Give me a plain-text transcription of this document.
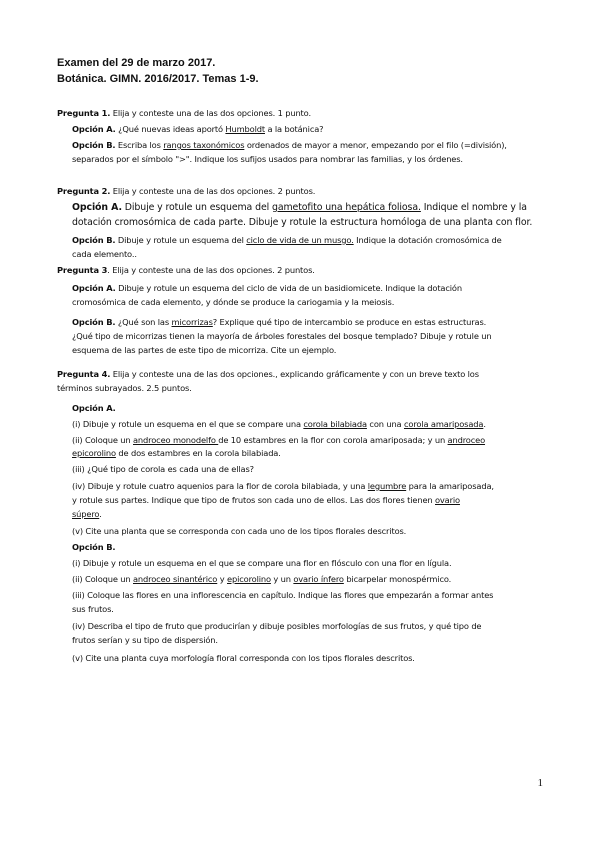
Examen del 29 de marzo 2017.
Botánica. GIMN. 2016/2017. Temas 1-9.
Pregunta 1. Elija y conteste una de las dos opciones. 1 punto.
Opción A. ¿Qué nuevas ideas aportó Humboldt a la botánica?
Opción B. Escriba los rangos taxonómicos ordenados de mayor a menor, empezando por el filo (=división),
separados por el símbolo ">". Indique los sufijos usados para nombrar las familias, y los órdenes.
Pregunta 2. Elija y conteste una de las dos opciones. 2 puntos.
Opción A. Dibuje y rotule un esquema del gametofito una hepática foliosa. Indique el nombre y la
dotación cromosómica de cada parte. Dibuje y rotule la estructura homóloga de una planta con flor.
Opción B. Dibuje y rotule un esquema del ciclo de vida de un musgo. Indique la dotación cromosómica de
cada elemento..
Pregunta 3. Elija y conteste una de las dos opciones. 2 puntos.
Opción A. Dibuje y rotule un esquema del ciclo de vida de un basidiomicete. Indique la dotación
cromosómica de cada elemento, y dónde se produce la cariogamia y la meiosis.
Opción B. ¿Qué son las micorrizas? Explique qué tipo de intercambio se produce en estas estructuras.
¿Qué tipo de micorrizas tienen la mayoría de árboles forestales del bosque templado? Dibuje y rotule un
esquema de las partes de este tipo de micorriza. Cite un ejemplo.
Pregunta 4. Elija y conteste una de las dos opciones., explicando gráficamente y con un breve texto los
términos subrayados. 2.5 puntos.
Opción A.
(i) Dibuje y rotule un esquema en el que se compare una corola bilabiada con una corola amariposada.
(ii) Coloque un androceo monodelfo de 10 estambres en la flor con corola amariposada; y un androceo
epicorolino de dos estambres en la corola bilabiada.
(iii) ¿Qué tipo de corola es cada una de ellas?
(iv) Dibuje y rotule cuatro aquenios para la flor de corola bilabiada, y una legumbre para la amariposada,
y rotule sus partes. Indique que tipo de frutos son cada uno de ellos. Las dos flores tienen ovario
súpero.
(v) Cite una planta que se corresponda con cada uno de los tipos florales descritos.
Opción B.
(i) Dibuje y rotule un esquema en el que se compare una flor en flósculo con una flor en lígula.
(ii) Coloque un androceo sinantérico y epicorolino y un ovario ínfero bicarpelar monospérmico.
(iii) Coloque las flores en una inflorescencia en capítulo. Indique las flores que empezarán a formar antes
sus frutos.
(iv) Describa el tipo de fruto que producirían y dibuje posibles morfologías de sus frutos, y qué tipo de
frutos serían y su tipo de dispersión.
(v) Cite una planta cuya morfología floral corresponda con los tipos florales descritos.
1
